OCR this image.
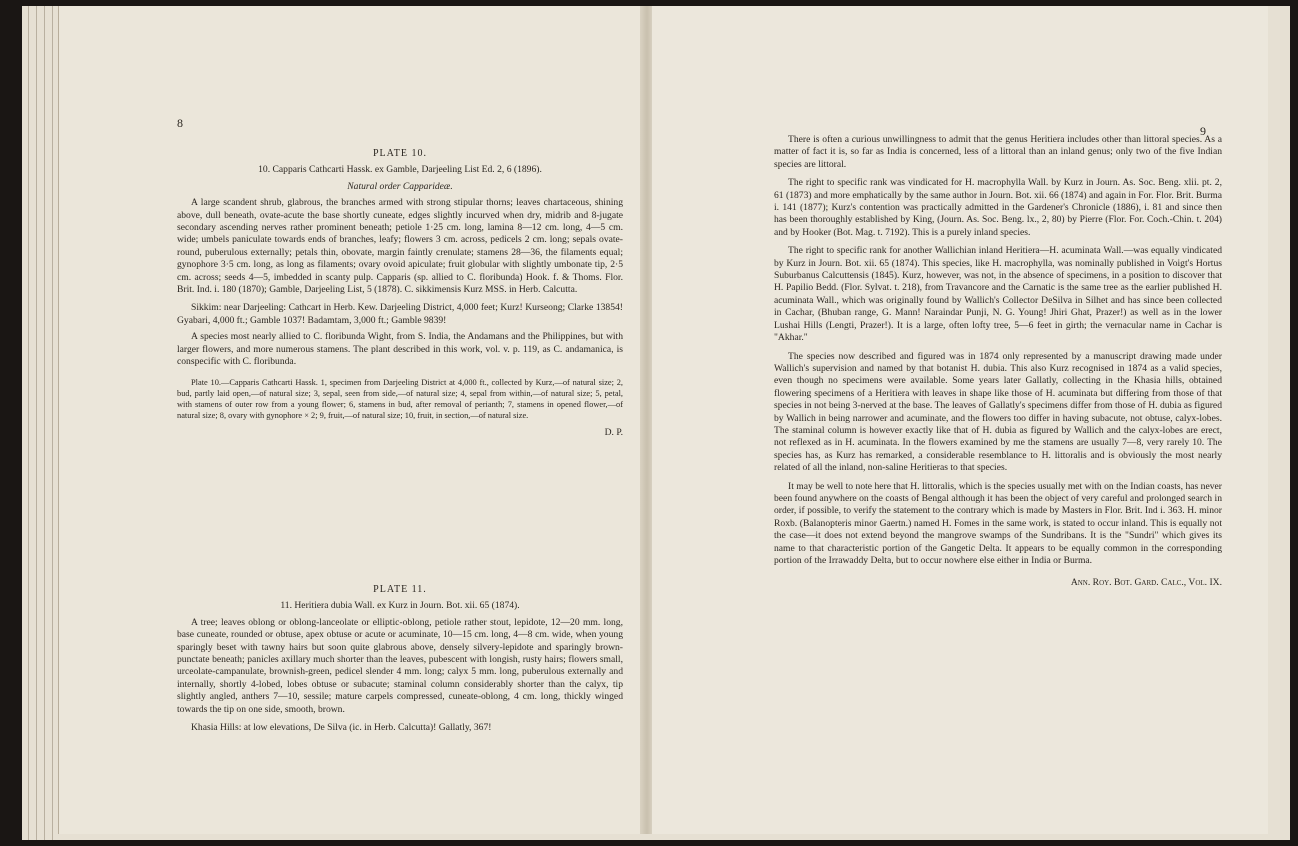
8

PLATE 10.

10. Capparis Cathcarti Hassk. ex Gamble, Darjeeling List Ed. 2, 6 (1896).

Natural order Capparideæ.

A large scandent shrub, glabrous, the branches armed with strong stipular thorns; leaves chartaceous, shining above, dull beneath, ovate-acute the base shortly cuneate, edges slightly incurved when dry, midrib and 8-jugate secondary ascending nerves rather prominent beneath; petiole 1·25 cm. long, lamina 8—12 cm. long, 4—5 cm. wide; umbels paniculate towards ends of branches, leafy; flowers 3 cm. across, pedicels 2 cm. long; sepals ovate-round, puberulous externally; petals thin, obovate, margin faintly crenulate; stamens 28—36, the filaments equal; gynophore 3·5 cm. long, as long as filaments; ovary ovoid apiculate; fruit globular with slightly umbonate tip, 2·5 cm. across; seeds 4—5, imbedded in scanty pulp. Capparis (sp. allied to C. floribunda) Hook. f. & Thoms. Flor. Brit. Ind. i. 180 (1870); Gamble, Darjeeling List, 5 (1878). C. sikkimensis Kurz MSS. in Herb. Calcutta.

Sikkim: near Darjeeling: Cathcart in Herb. Kew. Darjeeling District, 4,000 feet; Kurz! Kurseong; Clarke 13854! Gyabari, 4,000 ft.; Gamble 1037! Badamtam, 3,000 ft.; Gamble 9839!

A species most nearly allied to C. floribunda Wight, from S. India, the Andamans and the Philippines, but with larger flowers, and more numerous stamens. The plant described in this work, vol. v. p. 119, as C. andamanica, is conspecific with C. floribunda.

Plate 10.—Capparis Cathcarti Hassk. 1, specimen from Darjeeling District at 4,000 ft., collected by Kurz,—of natural size; 2, bud, partly laid open,—of natural size; 3, sepal, seen from side,—of natural size; 4, sepal from within,—of natural size; 5, petal, with stamens of outer row from a young flower; 6, stamens in bud, after removal of perianth; 7, stamens in opened flower,—of natural size; 8, ovary with gynophore × 2; 9, fruit,—of natural size; 10, fruit, in section,—of natural size.

D. P.

PLATE 11.

11. Heritiera dubia Wall. ex Kurz in Journ. Bot. xii. 65 (1874).

A tree; leaves oblong or oblong-lanceolate or elliptic-oblong, petiole rather stout, lepidote, 12—20 mm. long, base cuneate, rounded or obtuse, apex obtuse or acute or acuminate, 10—15 cm. long, 4—8 cm. wide, when young sparingly beset with tawny hairs but soon quite glabrous above, densely silvery-lepidote and sparingly brown-punctate beneath; panicles axillary much shorter than the leaves, pubescent with longish, rusty hairs; flowers small, urceolate-campanulate, brownish-green, pedicel slender 4 mm. long; calyx 5 mm. long, puberulous externally and internally, shortly 4-lobed, lobes obtuse or subacute; staminal column considerably shorter than the calyx, tip slightly angled, anthers 7—10, sessile; mature carpels compressed, cuneate-oblong, 4 cm. long, thickly winged towards the tip on one side, smooth, brown.

Khasia Hills: at low elevations, De Silva (ic. in Herb. Calcutta)! Gallatly, 367!

9

There is often a curious unwillingness to admit that the genus Heritiera includes other than littoral species. As a matter of fact it is, so far as India is concerned, less of a littoral than an inland genus; only two of the five Indian species are littoral.

The right to specific rank was vindicated for H. macrophylla Wall. by Kurz in Journ. As. Soc. Beng. xlii. pt. 2, 61 (1873) and more emphatically by the same author in Journ. Bot. xii. 66 (1874) and again in For. Flor. Brit. Burma i. 141 (1877); Kurz's contention was practically admitted in the Gardener's Chronicle (1886), i. 81 and since then has been thoroughly established by King, (Journ. As. Soc. Beng. lx., 2, 80) by Pierre (Flor. For. Coch.-Chin. t. 204) and by Hooker (Bot. Mag. t. 7192). This is a purely inland species.

The right to specific rank for another Wallichian inland Heritiera—H. acuminata Wall.—was equally vindicated by Kurz in Journ. Bot. xii. 65 (1874). This species, like H. macrophylla, was nominally published in Voigt's Hortus Suburbanus Calcuttensis (1845). Kurz, however, was not, in the absence of specimens, in a position to discover that H. Papilio Bedd. (Flor. Sylvat. t. 218), from Travancore and the Carnatic is the same tree as the earlier published H. acuminata Wall., which was originally found by Wallich's Collector DeSilva in Silhet and has since been collected in Cachar, (Bhuban range, G. Mann! Naraindar Punji, N. G. Young! Jhiri Ghat, Prazer!) as well as in the lower Lushai Hills (Lengti, Prazer!). It is a large, often lofty tree, 5—6 feet in girth; the vernacular name in Cachar is "Akhar."

The species now described and figured was in 1874 only represented by a manuscript drawing made under Wallich's supervision and named by that botanist H. dubia. This also Kurz recognised in 1874 as a valid species, even though no specimens were available. Some years later Gallatly, collecting in the Khasia hills, obtained flowering specimens of a Heritiera with leaves in shape like those of H. acuminata but differing from those of that species in not being 3-nerved at the base. The leaves of Gallatly's specimens differ from those of H. dubia as figured by Wallich in being narrower and acuminate, and the flowers too differ in having subacute, not obtuse, calyx-lobes. The staminal column is however exactly like that of H. dubia as figured by Wallich and the calyx-lobes are erect, not reflexed as in H. acuminata. In the flowers examined by me the stamens are usually 7—8, very rarely 10. The species has, as Kurz has remarked, a considerable resemblance to H. littoralis and is obviously the most nearly related of all the inland, non-saline Heritieras to that species.

It may be well to note here that H. littoralis, which is the species usually met with on the Indian coasts, has never been found anywhere on the coasts of Bengal although it has been the object of very careful and prolonged search in order, if possible, to verify the statement to the contrary which is made by Masters in Flor. Brit. Ind i. 363. H. minor Roxb. (Balanopteris minor Gaertn.) named H. Fomes in the same work, is stated to occur inland. This is equally not the case—it does not extend beyond the mangrove swamps of the Sundribans. It is the "Sundri" which gives its name to that characteristic portion of the Gangetic Delta. It appears to be equally common in the corresponding portion of the Irrawaddy Delta, but to occur nowhere else either in India or Burma.

Ann. Roy. Bot. Gard. Calc., Vol. IX.
